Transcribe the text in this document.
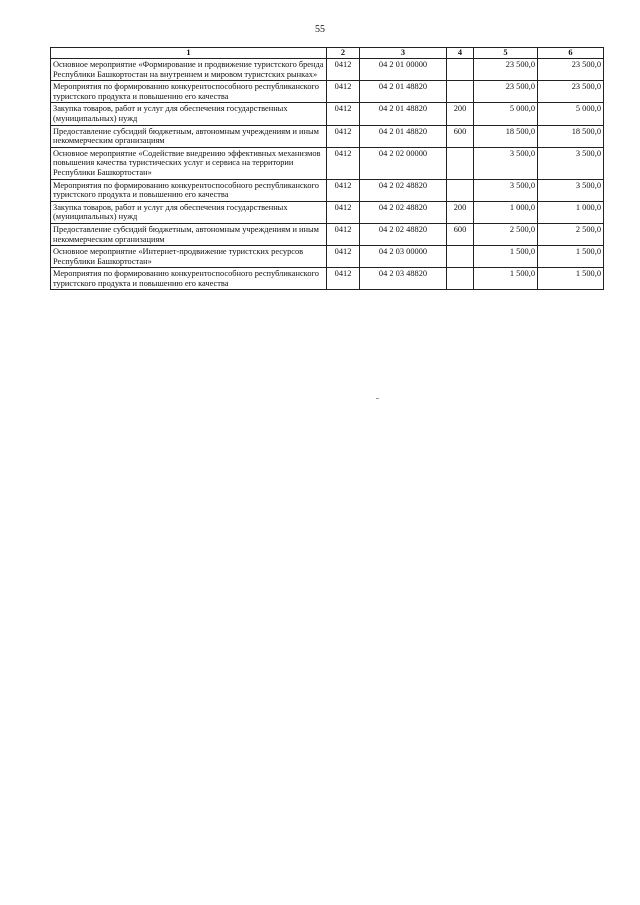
55
1	2	3	4	5	6
Основное мероприятие «Формирование и продвижение туристского бренда Республики Башкортостан на внутреннем и мировом туристских рынках»	0412	04 2 01 00000		23 500,0	23 500,0
Мероприятия по формированию конкурентоспособного республиканского туристского продукта и повышению его качества	0412	04 2 01 48820		23 500,0	23 500,0
Закупка товаров, работ и услуг для обеспечения государственных (муниципальных) нужд	0412	04 2 01 48820	200	5 000,0	5 000,0
Предоставление субсидий бюджетным, автономным учреждениям и иным некоммерческим организациям	0412	04 2 01 48820	600	18 500,0	18 500,0
Основное мероприятие «Содействие внедрению эффективных механизмов повышения качества туристических услуг и сервиса на территории Республики Башкортостан»	0412	04 2 02 00000		3 500,0	3 500,0
Мероприятия по формированию конкурентоспособного республиканского туристского продукта и повышению его качества	0412	04 2 02 48820		3 500,0	3 500,0
Закупка товаров, работ и услуг для обеспечения государственных (муниципальных) нужд	0412	04 2 02 48820	200	1 000,0	1 000,0
Предоставление субсидий бюджетным, автономным учреждениям и иным некоммерческим организациям	0412	04 2 02 48820	600	2 500,0	2 500,0
Основное мероприятие «Интернет-продвижение туристских ресурсов Республики Башкортостан»	0412	04 2 03 00000		1 500,0	1 500,0
Мероприятия по формированию конкурентоспособного республиканского туристского продукта и повышению его качества	0412	04 2 03 48820		1 500,0	1 500,0
